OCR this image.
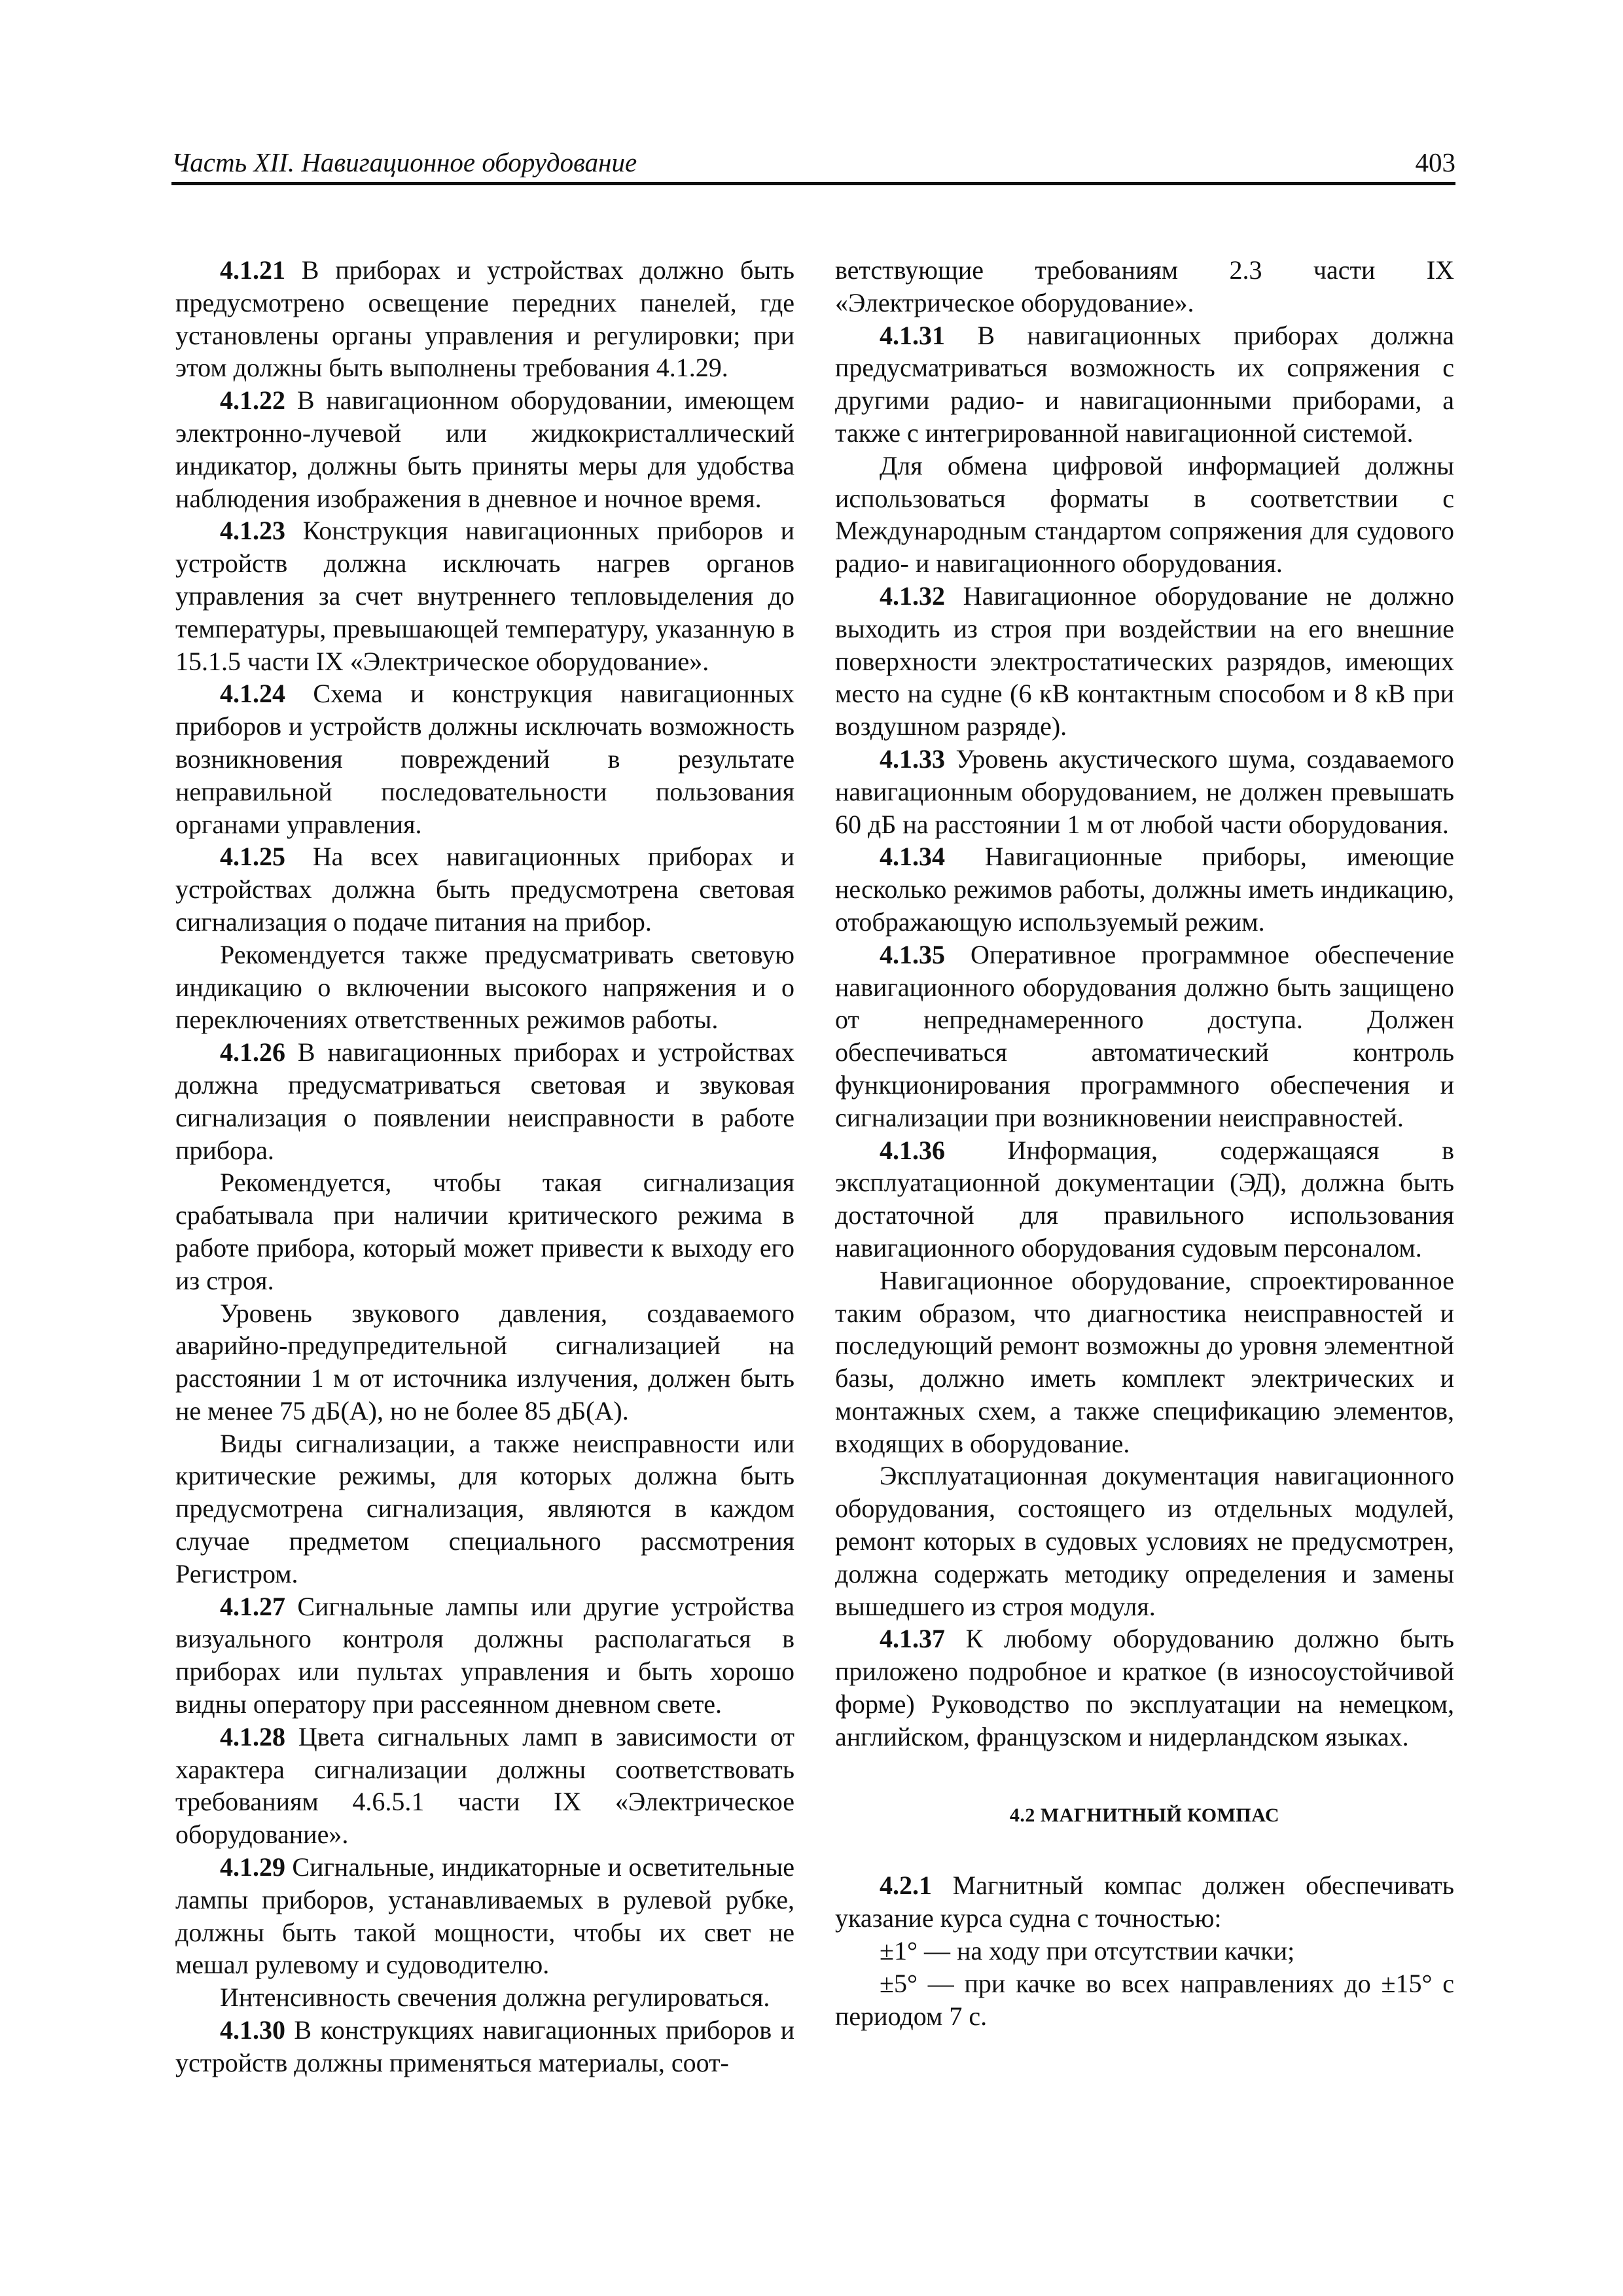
Часть XII. Навигационное оборудование	403

4.1.21 В приборах и устройствах должно быть предусмотрено освещение передних панелей, где установлены органы управления и регулировки; при этом должны быть выполнены требования 4.1.29.

4.1.22 В навигационном оборудовании, имеющем электронно-лучевой или жидкокристаллический индикатор, должны быть приняты меры для удобства наблюдения изображения в дневное и ночное время.

4.1.23 Конструкция навигационных приборов и устройств должна исключать нагрев органов управления за счет внутреннего тепловыделения до температуры, превышающей температуру, указанную в 15.1.5 части IX «Электрическое оборудование».

4.1.24 Схема и конструкция навигационных приборов и устройств должны исключать возможность возникновения повреждений в результате неправильной последовательности пользования органами управления.

4.1.25 На всех навигационных приборах и устройствах должна быть предусмотрена световая сигнализация о подаче питания на прибор.

Рекомендуется также предусматривать световую индикацию о включении высокого напряжения и о переключениях ответственных режимов работы.

4.1.26 В навигационных приборах и устройствах должна предусматриваться световая и звуковая сигнализация о появлении неисправности в работе прибора.

Рекомендуется, чтобы такая сигнализация срабатывала при наличии критического режима в работе прибора, который может привести к выходу его из строя.

Уровень звукового давления, создаваемого аварийно-предупредительной сигнализацией на расстоянии 1 м от источника излучения, должен быть не менее 75 дБ(А), но не более 85 дБ(А).

Виды сигнализации, а также неисправности или критические режимы, для которых должна быть предусмотрена сигнализация, являются в каждом случае предметом специального рассмотрения Регистром.

4.1.27 Сигнальные лампы или другие устройства визуального контроля должны располагаться в приборах или пультах управления и быть хорошо видны оператору при рассеянном дневном свете.

4.1.28 Цвета сигнальных ламп в зависимости от характера сигнализации должны соответствовать требованиям 4.6.5.1 части IX «Электрическое оборудование».

4.1.29 Сигнальные, индикаторные и осветительные лампы приборов, устанавливаемых в рулевой рубке, должны быть такой мощности, чтобы их свет не мешал рулевому и судоводителю.

Интенсивность свечения должна регулироваться.

4.1.30 В конструкциях навигационных приборов и устройств должны применяться материалы, соот-

ветствующие требованиям 2.3 части IX «Электрическое оборудование».

4.1.31 В навигационных приборах должна предусматриваться возможность их сопряжения с другими радио- и навигационными приборами, а также с интегрированной навигационной системой.

Для обмена цифровой информацией должны использоваться форматы в соответствии с Международным стандартом сопряжения для судового радио- и навигационного оборудования.

4.1.32 Навигационное оборудование не должно выходить из строя при воздействии на его внешние поверхности электростатических разрядов, имеющих место на судне (6 кВ контактным способом и 8 кВ при воздушном разряде).

4.1.33 Уровень акустического шума, создаваемого навигационным оборудованием, не должен превышать 60 дБ на расстоянии 1 м от любой части оборудования.

4.1.34 Навигационные приборы, имеющие несколько режимов работы, должны иметь индикацию, отображающую используемый режим.

4.1.35 Оперативное программное обеспечение навигационного оборудования должно быть защищено от непреднамеренного доступа. Должен обеспечиваться автоматический контроль функционирования программного обеспечения и сигнализации при возникновении неисправностей.

4.1.36 Информация, содержащаяся в эксплуатационной документации (ЭД), должна быть достаточной для правильного использования навигационного оборудования судовым персоналом.

Навигационное оборудование, спроектированное таким образом, что диагностика неисправностей и последующий ремонт возможны до уровня элементной базы, должно иметь комплект электрических и монтажных схем, а также спецификацию элементов, входящих в оборудование.

Эксплуатационная документация навигационного оборудования, состоящего из отдельных модулей, ремонт которых в судовых условиях не предусмотрен, должна содержать методику определения и замены вышедшего из строя модуля.

4.1.37 К любому оборудованию должно быть приложено подробное и краткое (в износоустойчивой форме) Руководство по эксплуатации на немецком, английском, французском и нидерландском языках.

4.2 МАГНИТНЫЙ КОМПАС

4.2.1 Магнитный компас должен обеспечивать указание курса судна с точностью:

±1° — на ходу при отсутствии качки;

±5° — при качке во всех направлениях до ±15° с периодом 7 с.
